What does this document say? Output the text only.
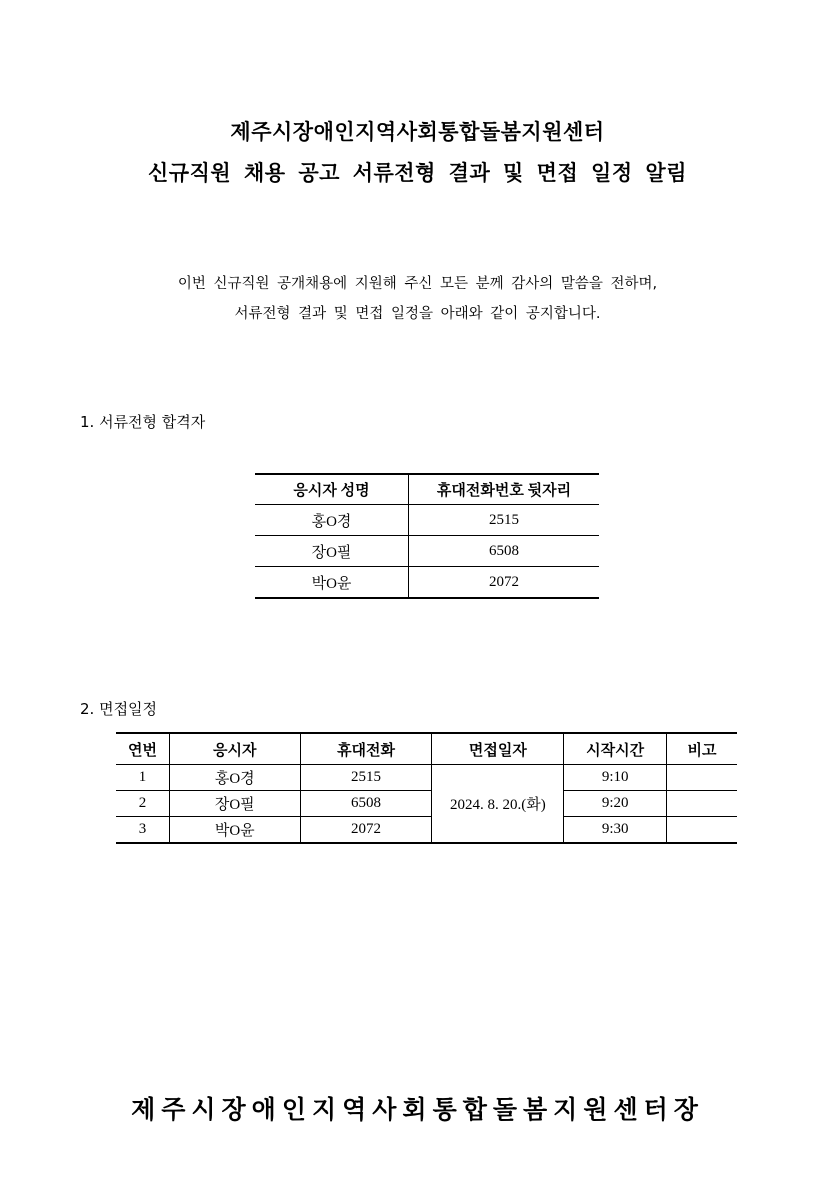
제주시장애인지역사회통합돌봄지원센터
신규직원 채용 공고 서류전형 결과 및 면접 일정 알림
이번 신규직원 공개채용에 지원해 주신 모든 분께 감사의 말씀을 전하며,
서류전형 결과 및 면접 일정을 아래와 같이 공지합니다.
1. 서류전형 합격자
응시자 성명	휴대전화번호 뒷자리
홍O경	2515
장O필	6508
박O윤	2072
2. 면접일정
연번	응시자	휴대전화	면접일자	시작시간	비고
1	홍O경	2515	2024. 8. 20.(화)	9:10	
2	장O필	6508		9:20	
3	박O윤	2072		9:30	
제주시장애인지역사회통합돌봄지원센터장
